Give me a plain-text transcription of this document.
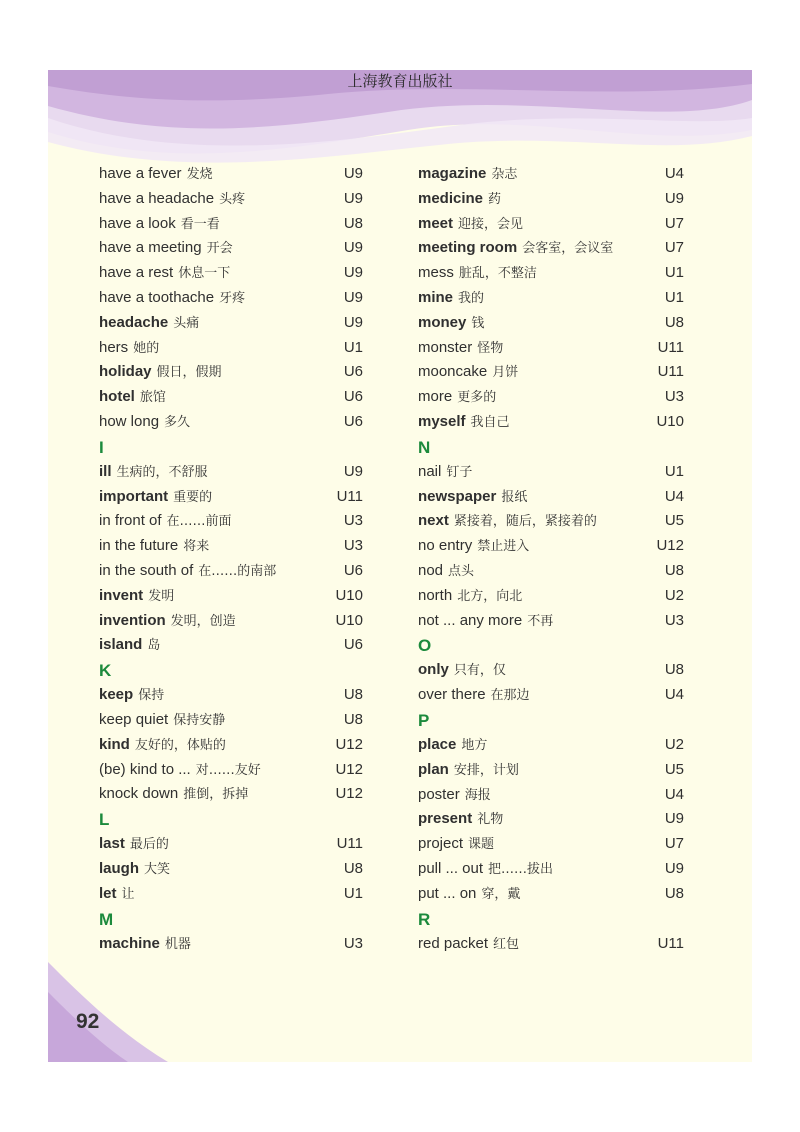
上海教育出版社
have a fever 发烧	U9
have a headache 头疼	U9
have a look 看一看	U8
have a meeting 开会	U9
have a rest 休息一下	U9
have a toothache 牙疼	U9
headache 头痛	U9
hers 她的	U1
holiday 假日，假期	U6
hotel 旅馆	U6
how long 多久	U6
I
ill 生病的，不舒服	U9
important 重要的	U11
in front of 在……前面	U3
in the future 将来	U3
in the south of 在……的南部	U6
invent 发明	U10
invention 发明，创造	U10
island 岛	U6
K
keep 保持	U8
keep quiet 保持安静	U8
kind 友好的，体贴的	U12
(be) kind to ... 对……友好	U12
knock down 推倒，拆掉	U12
L
last 最后的	U11
laugh 大笑	U8
let 让	U1
M
machine 机器	U3
magazine 杂志	U4
medicine 药	U9
meet 迎接，会见	U7
meeting room 会客室，会议室	U7
mess 脏乱，不整洁	U1
mine 我的	U1
money 钱	U8
monster 怪物	U11
mooncake 月饼	U11
more 更多的	U3
myself 我自己	U10
N
nail 钉子	U1
newspaper 报纸	U4
next 紧接着，随后，紧接着的	U5
no entry 禁止进入	U12
nod 点头	U8
north 北方，向北	U2
not ... any more 不再	U3
O
only 只有，仅	U8
over there 在那边	U4
P
place 地方	U2
plan 安排，计划	U5
poster 海报	U4
present 礼物	U9
project 课题	U7
pull ... out 把……拔出	U9
put ... on 穿，戴	U8
R
red packet 红包	U11
92
